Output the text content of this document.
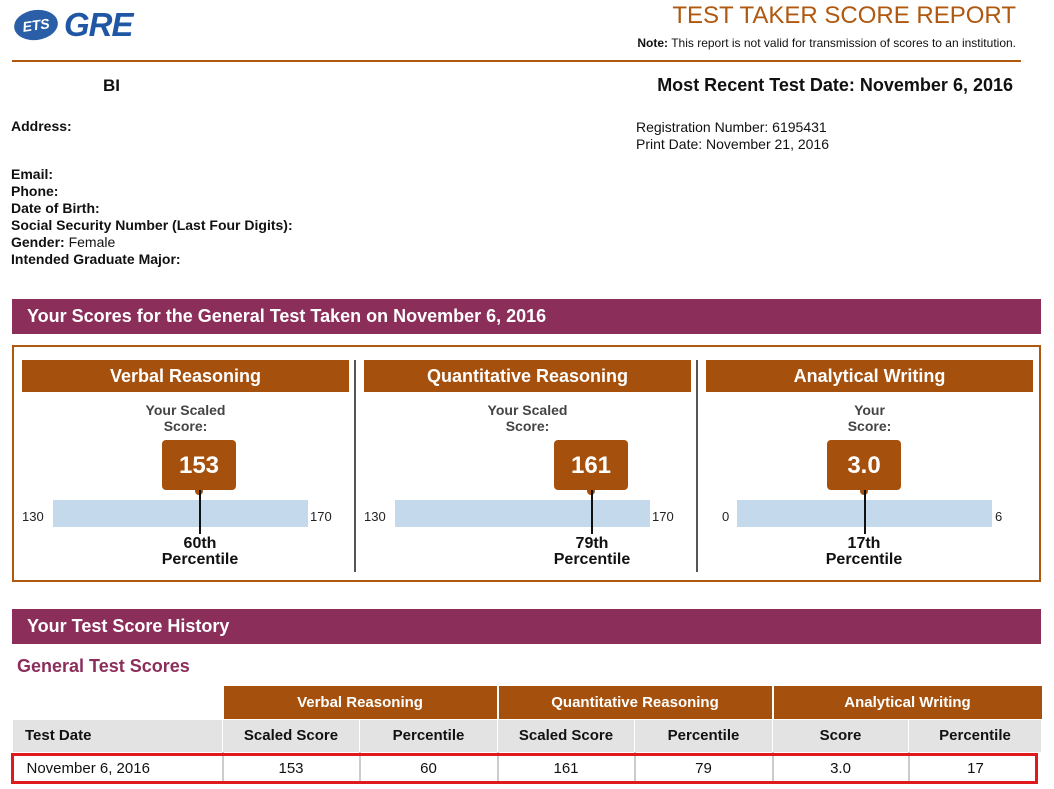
ETS GRE	TEST TAKER SCORE REPORT
Note: This report is not valid for transmission of scores to an institution.
BI	Most Recent Test Date: November 6, 2016
Address:	Registration Number: 6195431
Print Date: November 21, 2016
Email:
Phone:
Date of Birth:
Social Security Number (Last Four Digits):
Gender: Female
Intended Graduate Major:
Your Scores for the General Test Taken on November 6, 2016
Verbal Reasoning
Your Scaled
Score:
153
130	170
60th
Percentile
Quantitative Reasoning
Your Scaled
Score:
161
130	170
79th
Percentile
Analytical Writing
Your
Score:
3.0
0	6
17th
Percentile
Your Test Score History
General Test Scores
	Verbal Reasoning		Quantitative Reasoning		Analytical Writing	
Test Date	Scaled Score	Percentile	Scaled Score	Percentile	Score	Percentile
November 6, 2016	153	60	161	79	3.0	17
